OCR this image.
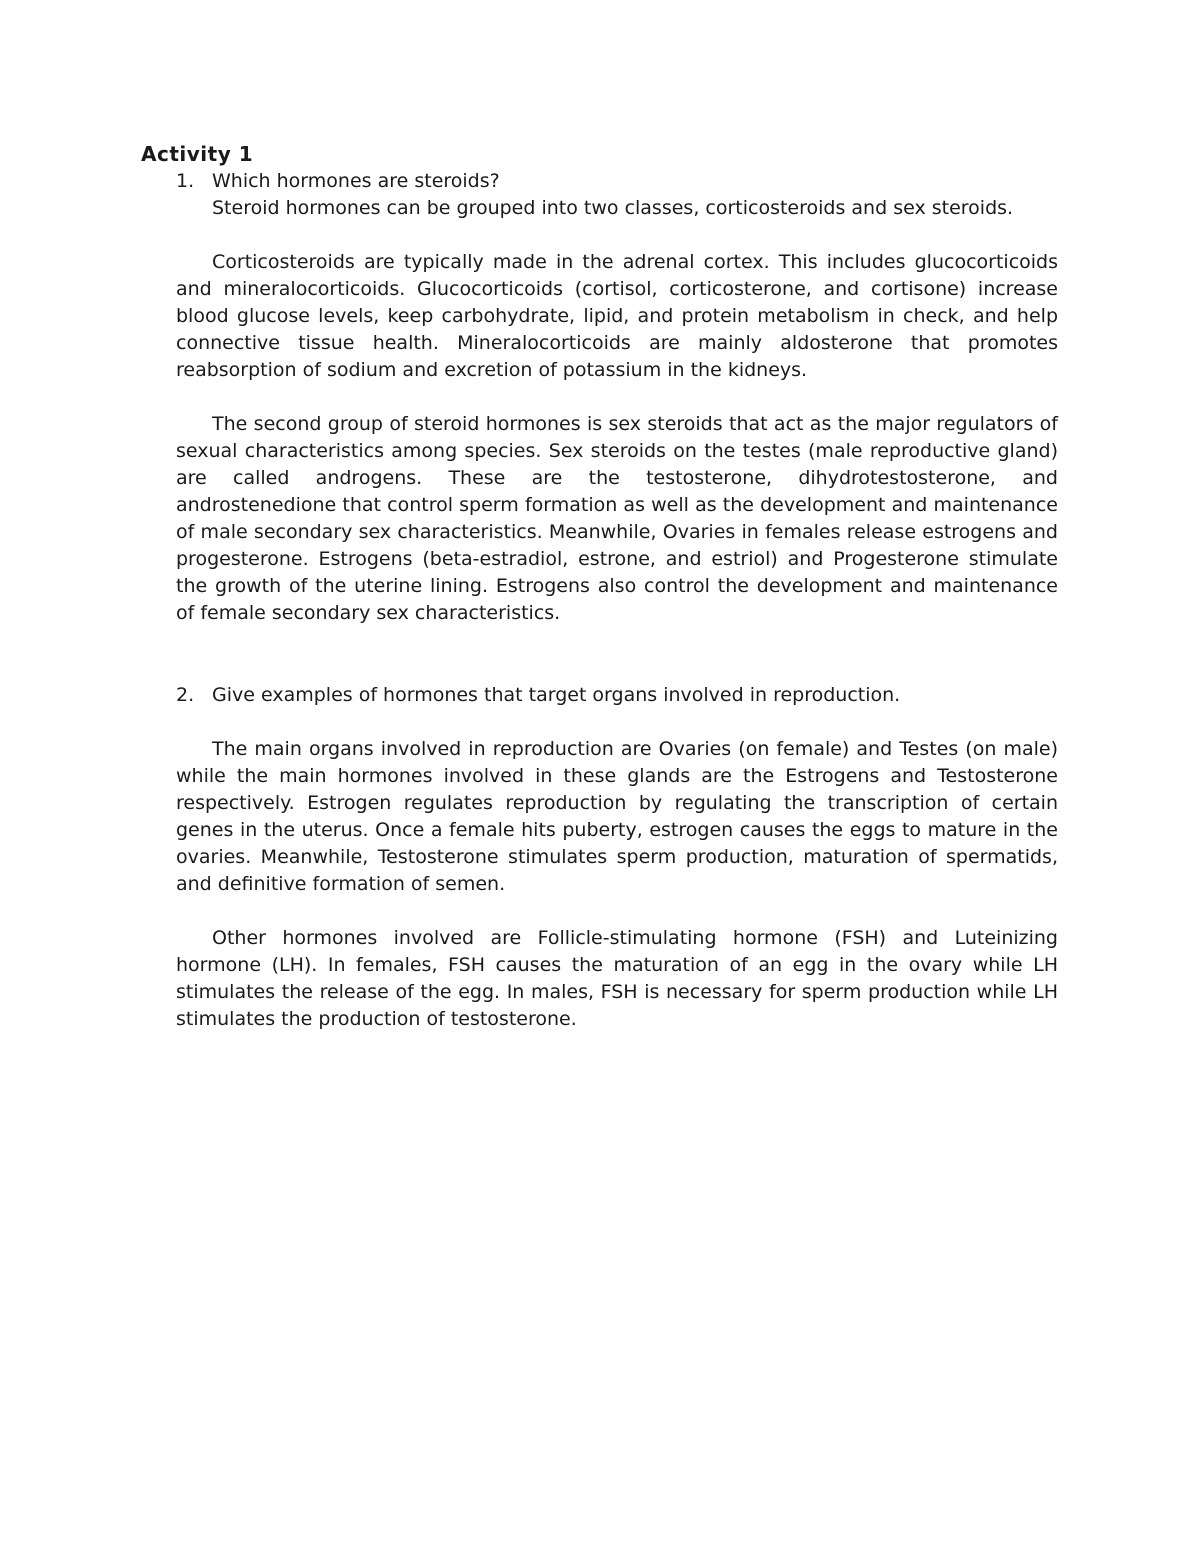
Activity 1

1. Which hormones are steroids?

Steroid hormones can be grouped into two classes, corticosteroids and sex steroids.

Corticosteroids are typically made in the adrenal cortex. This includes glucocorticoids and mineralocorticoids. Glucocorticoids (cortisol, corticosterone, and cortisone) increase blood glucose levels, keep carbohydrate, lipid, and protein metabolism in check, and help connective tissue health. Mineralocorticoids are mainly aldosterone that promotes reabsorption of sodium and excretion of potassium in the kidneys.

The second group of steroid hormones is sex steroids that act as the major regulators of sexual characteristics among species. Sex steroids on the testes (male reproductive gland) are called androgens. These are the testosterone, dihydrotestosterone, and androstenedione that control sperm formation as well as the development and maintenance of male secondary sex characteristics. Meanwhile, Ovaries in females release estrogens and progesterone. Estrogens (beta-estradiol, estrone, and estriol) and Progesterone stimulate the growth of the uterine lining. Estrogens also control the development and maintenance of female secondary sex characteristics.

2. Give examples of hormones that target organs involved in reproduction.

The main organs involved in reproduction are Ovaries (on female) and Testes (on male) while the main hormones involved in these glands are the Estrogens and Testosterone respectively. Estrogen regulates reproduction by regulating the transcription of certain genes in the uterus. Once a female hits puberty, estrogen causes the eggs to mature in the ovaries. Meanwhile, Testosterone stimulates sperm production, maturation of spermatids, and definitive formation of semen.

Other hormones involved are Follicle-stimulating hormone (FSH) and Luteinizing hormone (LH). In females, FSH causes the maturation of an egg in the ovary while LH stimulates the release of the egg. In males, FSH is necessary for sperm production while LH stimulates the production of testosterone.
